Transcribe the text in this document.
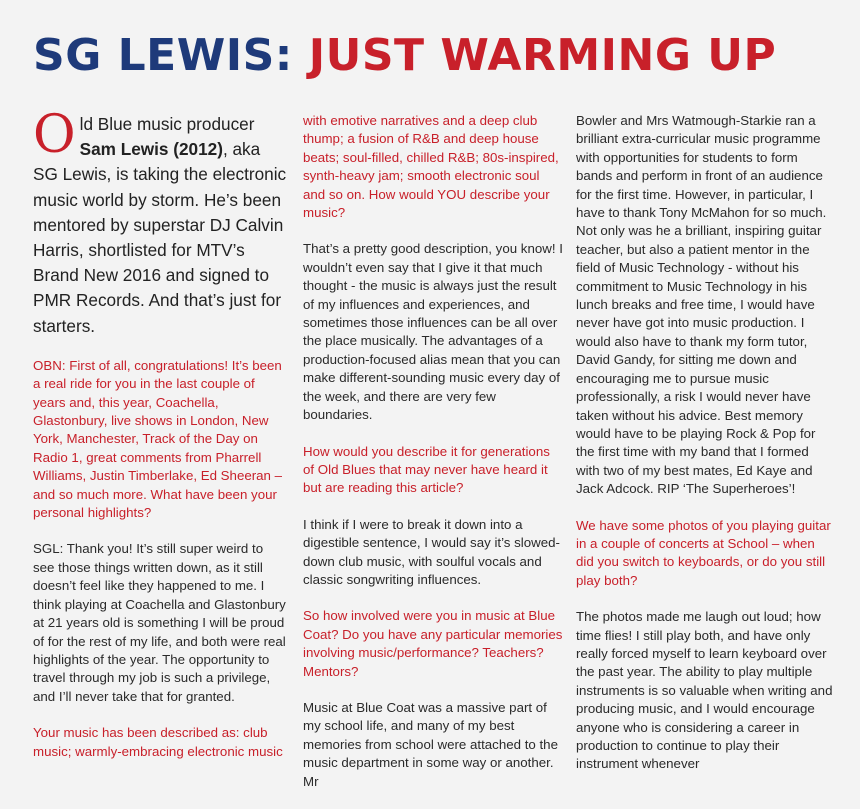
SG LEWIS: JUST WARMING UP

Old Blue music producer Sam Lewis (2012), aka SG Lewis, is taking the electronic music world by storm. He’s been mentored by superstar DJ Calvin Harris, shortlisted for MTV’s Brand New 2016 and signed to PMR Records. And that’s just for starters.

OBN: First of all, congratulations! It’s been a real ride for you in the last couple of years and, this year, Coachella, Glastonbury, live shows in London, New York, Manchester, Track of the Day on Radio 1, great comments from Pharrell Williams, Justin Timberlake, Ed Sheeran – and so much more. What have been your personal highlights?

SGL: Thank you! It’s still super weird to see those things written down, as it still doesn’t feel like they happened to me. I think playing at Coachella and Glastonbury at 21 years old is something I will be proud of for the rest of my life, and both were real highlights of the year. The opportunity to travel through my job is such a privilege, and I’ll never take that for granted.

Your music has been described as: club music; warmly-embracing electronic music

with emotive narratives and a deep club thump; a fusion of R&B and deep house beats; soul-filled, chilled R&B; 80s-inspired, synth-heavy jam; smooth electronic soul and so on. How would YOU describe your music?

That’s a pretty good description, you know! I wouldn’t even say that I give it that much thought - the music is always just the result of my influences and experiences, and sometimes those influences can be all over the place musically. The advantages of a production-focused alias mean that you can make different-sounding music every day of the week, and there are very few boundaries.

How would you describe it for generations of Old Blues that may never have heard it but are reading this article?

I think if I were to break it down into a digestible sentence, I would say it’s slowed-down club music, with soulful vocals and classic songwriting influences.

So how involved were you in music at Blue Coat? Do you have any particular memories involving music/performance? Teachers? Mentors?

Music at Blue Coat was a massive part of my school life, and many of my best memories from school were attached to the music department in some way or another. Mr

Bowler and Mrs Watmough-Starkie ran a brilliant extra-curricular music programme with opportunities for students to form bands and perform in front of an audience for the first time. However, in particular, I have to thank Tony McMahon for so much. Not only was he a brilliant, inspiring guitar teacher, but also a patient mentor in the field of Music Technology - without his commitment to Music Technology in his lunch breaks and free time, I would have never have got into music production. I would also have to thank my form tutor, David Gandy, for sitting me down and encouraging me to pursue music professionally, a risk I would never have taken without his advice. Best memory would have to be playing Rock & Pop for the first time with my band that I formed with two of my best mates, Ed Kaye and Jack Adcock. RIP ‘The Superheroes’!

We have some photos of you playing guitar in a couple of concerts at School – when did you switch to keyboards, or do you still play both?

The photos made me laugh out loud; how time flies! I still play both, and have only really forced myself to learn keyboard over the past year. The ability to play multiple instruments is so valuable when writing and producing music, and I would encourage anyone who is considering a career in production to continue to play their instrument whenever
